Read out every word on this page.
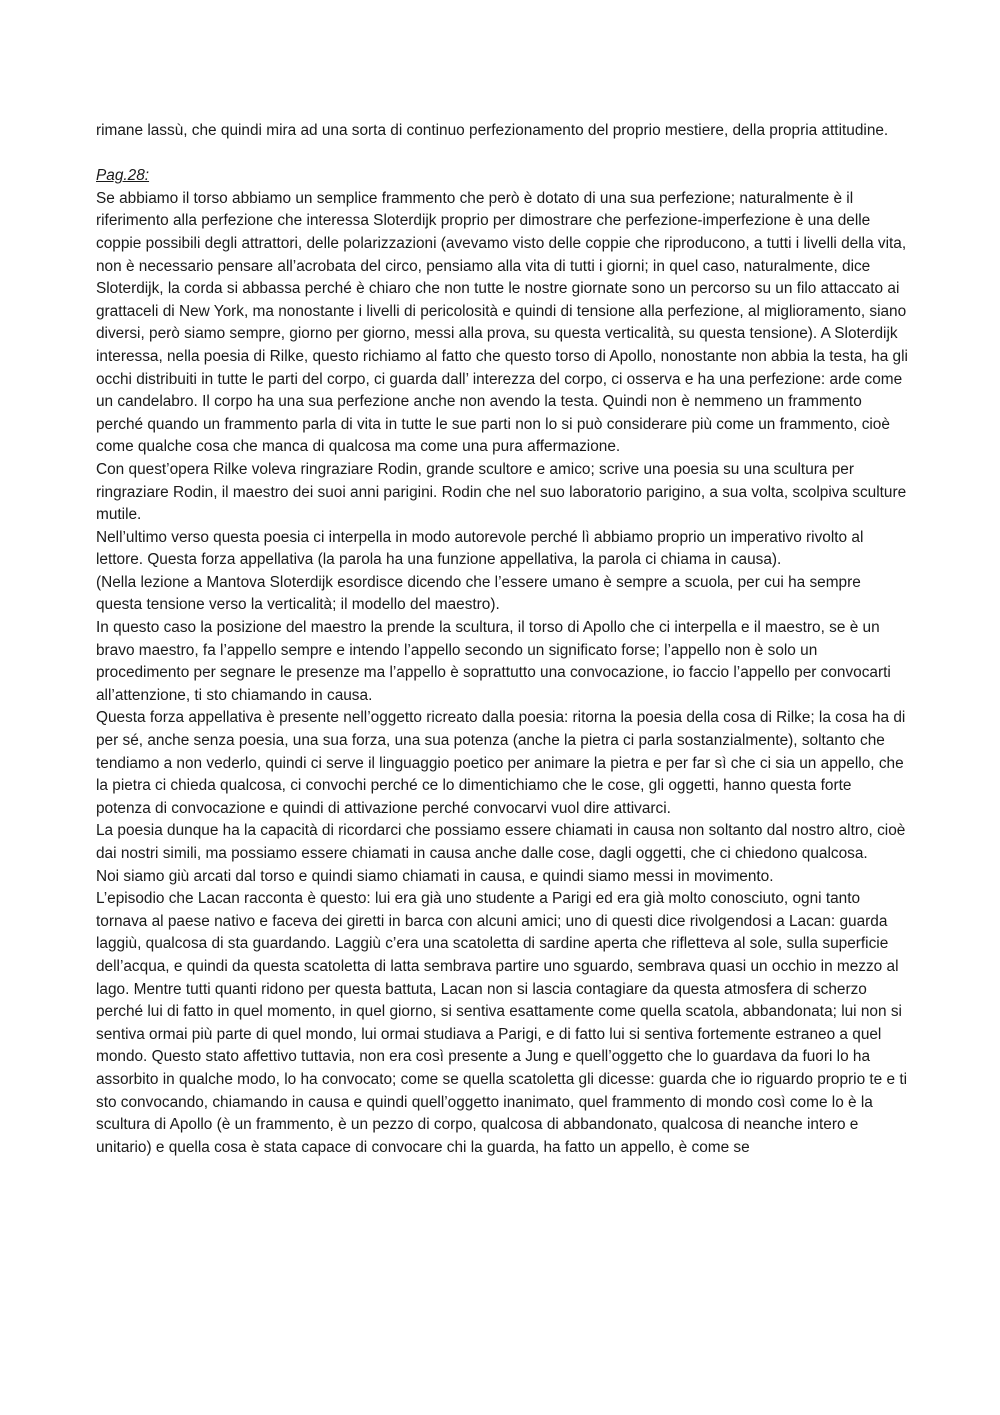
rimane lassù, che quindi mira ad una sorta di continuo perfezionamento del proprio mestiere, della propria attitudine.

Pag.28:

Se abbiamo il torso abbiamo un semplice frammento che però è dotato di una sua perfezione; naturalmente è il riferimento alla perfezione che interessa Sloterdijk proprio per dimostrare che perfezione-imperfezione è una delle coppie possibili degli attrattori, delle polarizzazioni (avevamo visto delle coppie che riproducono, a tutti i livelli della vita, non è necessario pensare all’acrobata del circo, pensiamo alla vita di tutti i giorni; in quel caso, naturalmente, dice Sloterdijk, la corda si abbassa perché è chiaro che non tutte le nostre giornate sono un percorso su un filo attaccato ai grattaceli di New York, ma nonostante i livelli di pericolosità e quindi di tensione alla perfezione, al miglioramento, siano diversi, però siamo sempre, giorno per giorno, messi alla prova, su questa verticalità, su questa tensione). A Sloterdijk interessa, nella poesia di Rilke, questo richiamo al fatto che questo torso di Apollo, nonostante non abbia la testa, ha gli occhi distribuiti in tutte le parti del corpo, ci guarda dall’ interezza del corpo, ci osserva e ha una perfezione: arde come un candelabro. Il corpo ha una sua perfezione anche non avendo la testa. Quindi non è nemmeno un frammento perché quando un frammento parla di vita in tutte le sue parti non lo si può considerare più come un frammento, cioè come qualche cosa che manca di qualcosa ma come una pura affermazione.

Con quest’opera Rilke voleva ringraziare Rodin, grande scultore e amico; scrive una poesia su una scultura per ringraziare Rodin, il maestro dei suoi anni parigini. Rodin che nel suo laboratorio parigino, a sua volta, scolpiva sculture mutile.

Nell’ultimo verso questa poesia ci interpella in modo autorevole perché lì abbiamo proprio un imperativo rivolto al lettore. Questa forza appellativa (la parola ha una funzione appellativa, la parola ci chiama in causa).

(Nella lezione a Mantova Sloterdijk esordisce dicendo che l’essere umano è sempre a scuola, per cui ha sempre questa tensione verso la verticalità; il modello del maestro).

In questo caso la posizione del maestro la prende la scultura, il torso di Apollo che ci interpella e il maestro, se è un bravo maestro, fa l’appello sempre e intendo l’appello secondo un significato forse; l’appello non è solo un procedimento per segnare le presenze ma l’appello è soprattutto una convocazione, io faccio l’appello per convocarti all’attenzione, ti sto chiamando in causa.

Questa forza appellativa è presente nell’oggetto ricreato dalla poesia: ritorna la poesia della cosa di Rilke; la cosa ha di per sé, anche senza poesia, una sua forza, una sua potenza (anche la pietra ci parla sostanzialmente), soltanto che tendiamo a non vederlo, quindi ci serve il linguaggio poetico per animare la pietra e per far sì che ci sia un appello, che la pietra ci chieda qualcosa, ci convochi perché ce lo dimentichiamo che le cose, gli oggetti, hanno questa forte potenza di convocazione e quindi di attivazione perché convocarvi vuol dire attivarci.

La poesia dunque ha la capacità di ricordarci che possiamo essere chiamati in causa non soltanto dal nostro altro, cioè dai nostri simili, ma possiamo essere chiamati in causa anche dalle cose, dagli oggetti, che ci chiedono qualcosa.

Noi siamo giù arcati dal torso e quindi siamo chiamati in causa, e quindi siamo messi in movimento.

L’episodio che Lacan racconta è questo: lui era già uno studente a Parigi ed era già molto conosciuto, ogni tanto tornava al paese nativo e faceva dei giretti in barca con alcuni amici; uno di questi dice rivolgendosi a Lacan: guarda laggiù, qualcosa di sta guardando. Laggiù c’era una scatoletta di sardine aperta che rifletteva al sole, sulla superficie dell’acqua, e quindi da questa scatoletta di latta sembrava partire uno sguardo, sembrava quasi un occhio in mezzo al lago. Mentre tutti quanti ridono per questa battuta, Lacan non si lascia contagiare da questa atmosfera di scherzo perché lui di fatto in quel momento, in quel giorno, si sentiva esattamente come quella scatola, abbandonata; lui non si sentiva ormai più parte di quel mondo, lui ormai studiava a Parigi, e di fatto lui si sentiva fortemente estraneo a quel mondo. Questo stato affettivo tuttavia, non era così presente a Jung e quell’oggetto che lo guardava da fuori lo ha assorbito in qualche modo, lo ha convocato; come se quella scatoletta gli dicesse: guarda che io riguardo proprio te e ti sto convocando, chiamando in causa e quindi quell’oggetto inanimato, quel frammento di mondo così come lo è la scultura di Apollo (è un frammento, è un pezzo di corpo, qualcosa di abbandonato, qualcosa di neanche intero e unitario) e quella cosa è stata capace di convocare chi la guarda, ha fatto un appello, è come se
